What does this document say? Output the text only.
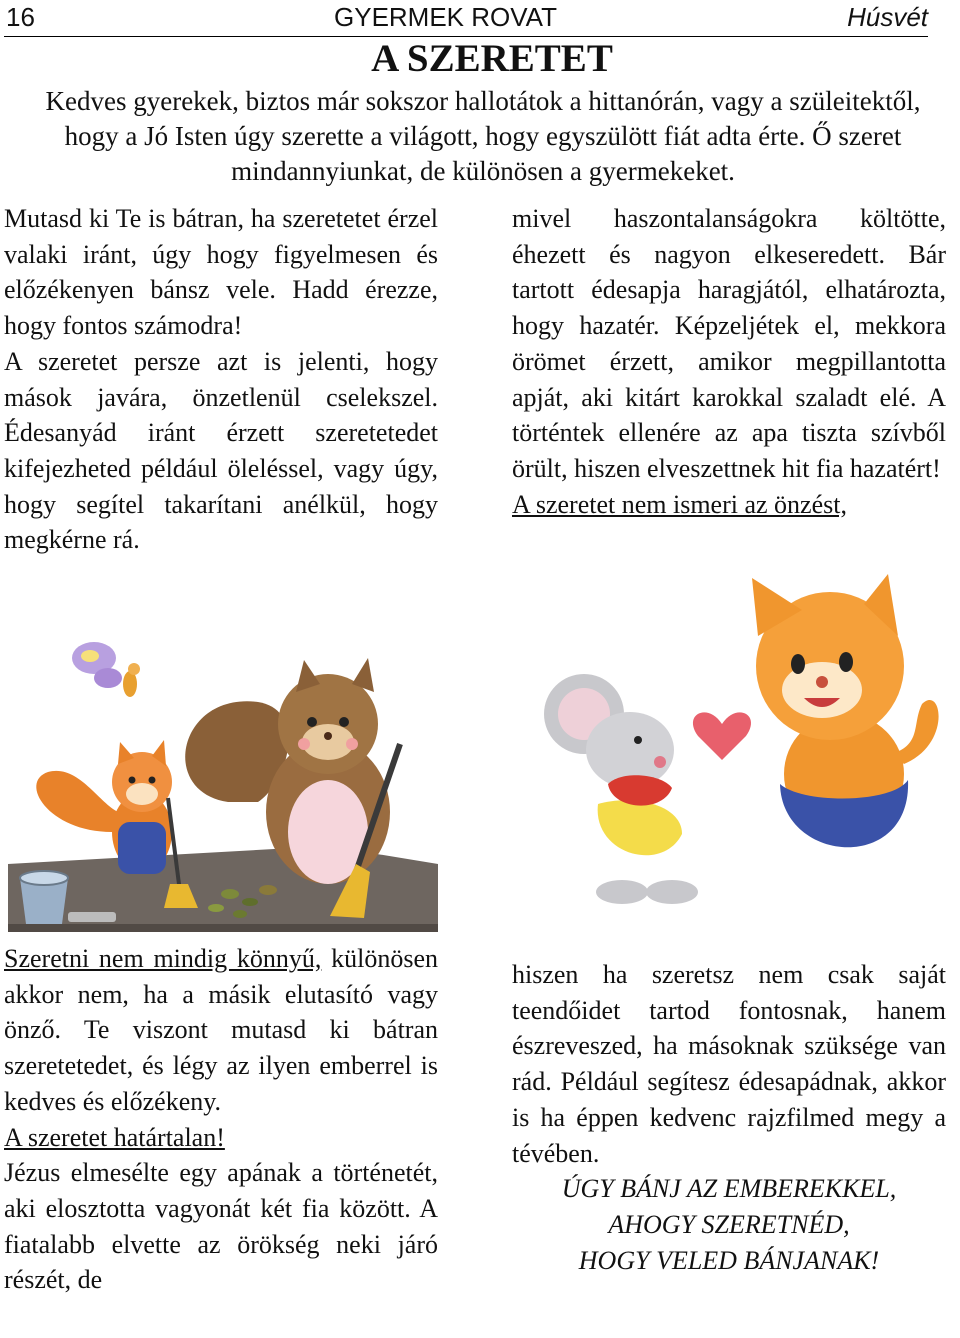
16	GYERMEK ROVAT	Húsvét
A SZERETET
Kedves gyerekek, biztos már sokszor hallotátok a hittanórán, vagy a szüleitektől, hogy a Jó Isten úgy szerette a világott, hogy egyszülött fiát adta érte. Ő szeret mindannyiunkat, de különösen a gyermekeket.

Mutasd ki Te is bátran, ha szeretetet érzel valaki iránt, úgy hogy figyelmesen és előzékenyen bánsz vele. Hadd érezze, hogy fontos számodra!

A szeretet persze azt is jelenti, hogy mások javára, önzetlenül cselekszel. Édesanyád iránt érzett szeretetedet kifejezheted például öleléssel, vagy úgy, hogy segítel takarítani anélkül, hogy megkérne rá.

mivel haszontalanságokra költötte, éhezett és nagyon elkeseredett. Bár tartott édesapja haragjától, elhatározta, hogy hazatér. Képzeljétek el, mekkora örömet érzett, amikor megpillantotta apját, aki kitárt karokkal szaladt elé. A történtek ellenére az apa tiszta szívből örült, hiszen elveszettnek hit fia hazatért!

A szeretet nem ismeri az önzést,

Szeretni nem mindig könnyű, különösen akkor nem, ha a másik elutasító vagy önző. Te viszont mutasd ki bátran szeretetedet, és légy az ilyen emberrel is kedves és előzékeny.

A szeretet határtalan!

Jézus elmesélte egy apának a történetét, aki elosztotta vagyonát két fia között. A fiatalabb elvette az örökség neki járó részét, de

hiszen ha szeretsz nem csak saját teendőidet tartod fontosnak, hanem észreveszed, ha másoknak szüksége van rád. Például segítesz édesapádnak, akkor is ha éppen kedvenc rajzfilmed megy a tévében.

ÚGY BÁNJ AZ EMBEREKKEL,

AHOGY SZERETNÉD,

HOGY VELED BÁNJANAK!
